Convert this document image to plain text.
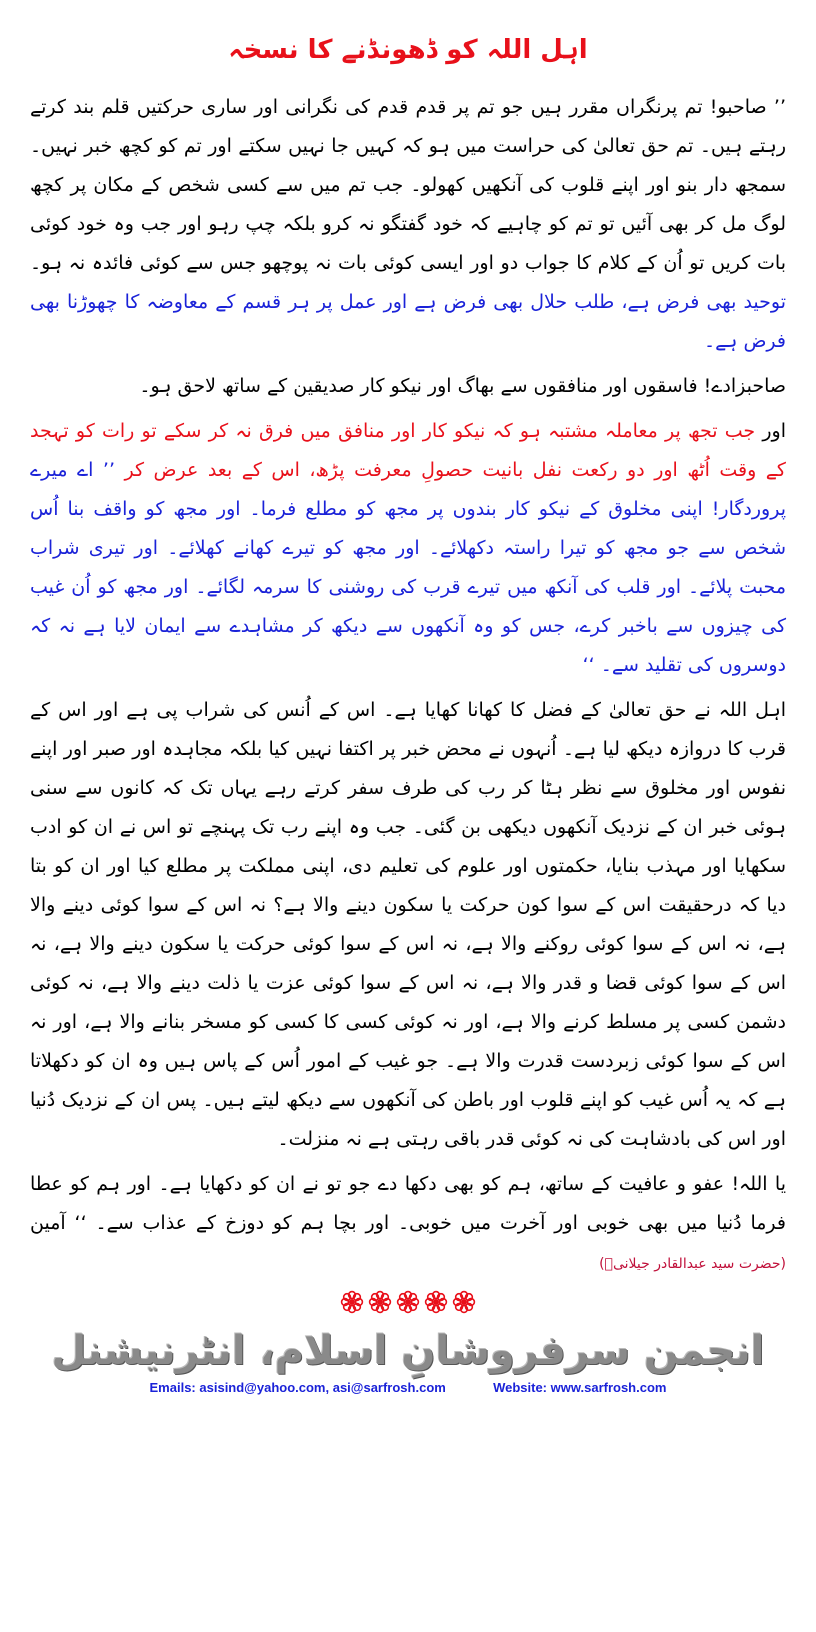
اہل اللہ کو ڈھونڈنے کا نسخہ

’’ صاحبو! تم پرنگراں مقرر ہیں جو تم پر قدم قدم کی نگرانی اور ساری حرکتیں قلم بند کرتے رہتے ہیں۔ تم حق تعالیٰ کی حراست میں ہو کہ کہیں جا نہیں سکتے اور تم کو کچھ خبر نہیں۔ سمجھ دار بنو اور اپنے قلوب کی آنکھیں کھولو۔ جب تم میں سے کسی شخص کے مکان پر کچھ لوگ مل کر بھی آئیں تو تم کو چاہیے کہ خود گفتگو نہ کرو بلکہ چپ رہو اور جب وہ خود کوئی بات کریں تو اُن کے کلام کا جواب دو اور ایسی کوئی بات نہ پوچھو جس سے کوئی فائدہ نہ ہو۔ توحید بھی فرض ہے، طلب حلال بھی فرض ہے اور عمل پر ہر قسم کے معاوضہ کا چھوڑنا بھی فرض ہے۔

صاحبزادے! فاسقوں اور منافقوں سے بھاگ اور نیکو کار صدیقین کے ساتھ لاحق ہو۔

اور جب تجھ پر معاملہ مشتبہ ہو کہ نیکو کار اور منافق میں فرق نہ کر سکے تو رات کو تہجد کے وقت اُٹھ اور دو رکعت نفل بانیت حصولِ معرفت پڑھ، اس کے بعد عرض کر ’’ اے میرے پروردگار! اپنی مخلوق کے نیکو کار بندوں پر مجھ کو مطلع فرما۔ اور مجھ کو واقف بنا اُس شخص سے جو مجھ کو تیرا راستہ دکھلائے۔ اور مجھ کو تیرے کھانے کھلائے۔ اور تیری شراب محبت پلائے۔ اور قلب کی آنکھ میں تیرے قرب کی روشنی کا سرمہ لگائے۔ اور مجھ کو اُن غیب کی چیزوں سے باخبر کرے، جس کو وہ آنکھوں سے دیکھ کر مشاہدے سے ایمان لایا ہے نہ کہ دوسروں کی تقلید سے۔ ‘‘

اہل اللہ نے حق تعالیٰ کے فضل کا کھانا کھایا ہے۔ اس کے اُنس کی شراب پی ہے اور اس کے قرب کا دروازہ دیکھ لیا ہے۔ اُنہوں نے محض خبر پر اکتفا نہیں کیا بلکہ مجاہدہ اور صبر اور اپنے نفوس اور مخلوق سے نظر ہٹا کر رب کی طرف سفر کرتے رہے یہاں تک کہ کانوں سے سنی ہوئی خبر ان کے نزدیک آنکھوں دیکھی بن گئی۔ جب وہ اپنے رب تک پہنچے تو اس نے ان کو ادب سکھایا اور مہذب بنایا، حکمتوں اور علوم کی تعلیم دی، اپنی مملکت پر مطلع کیا اور ان کو بتا دیا کہ درحقیقت اس کے سوا کون حرکت یا سکون دینے والا ہے؟ نہ اس کے سوا کوئی دینے والا ہے، نہ اس کے سوا کوئی روکنے والا ہے، نہ اس کے سوا کوئی حرکت یا سکون دینے والا ہے، نہ اس کے سوا کوئی قضا و قدر والا ہے، نہ اس کے سوا کوئی عزت یا ذلت دینے والا ہے، نہ کوئی دشمن کسی پر مسلط کرنے والا ہے، اور نہ کوئی کسی کا کسی کو مسخر بنانے والا ہے، اور نہ اس کے سوا کوئی زبردست قدرت والا ہے۔ جو غیب کے امور اُس کے پاس ہیں وہ ان کو دکھلاتا ہے کہ یہ اُس غیب کو اپنے قلوب اور باطن کی آنکھوں سے دیکھ لیتے ہیں۔ پس ان کے نزدیک دُنیا اور اس کی بادشاہت کی نہ کوئی قدر باقی رہتی ہے نہ منزلت۔

یا اللہ! عفو و عافیت کے ساتھ، ہم کو بھی دکھا دے جو تو نے ان کو دکھایا ہے۔ اور ہم کو عطا فرما دُنیا میں بھی خوبی اور آخرت میں خوبی۔ اور بچا ہم کو دوزخ کے عذاب سے۔ ‘‘ آمین (حضرت سید عبدالقادر جیلانیؒ)

انجمن سرفروشانِ اسلام، انٹرنیشنل
Emails: asisind@yahoo.com, asi@sarfrosh.com	Website: www.sarfrosh.com
